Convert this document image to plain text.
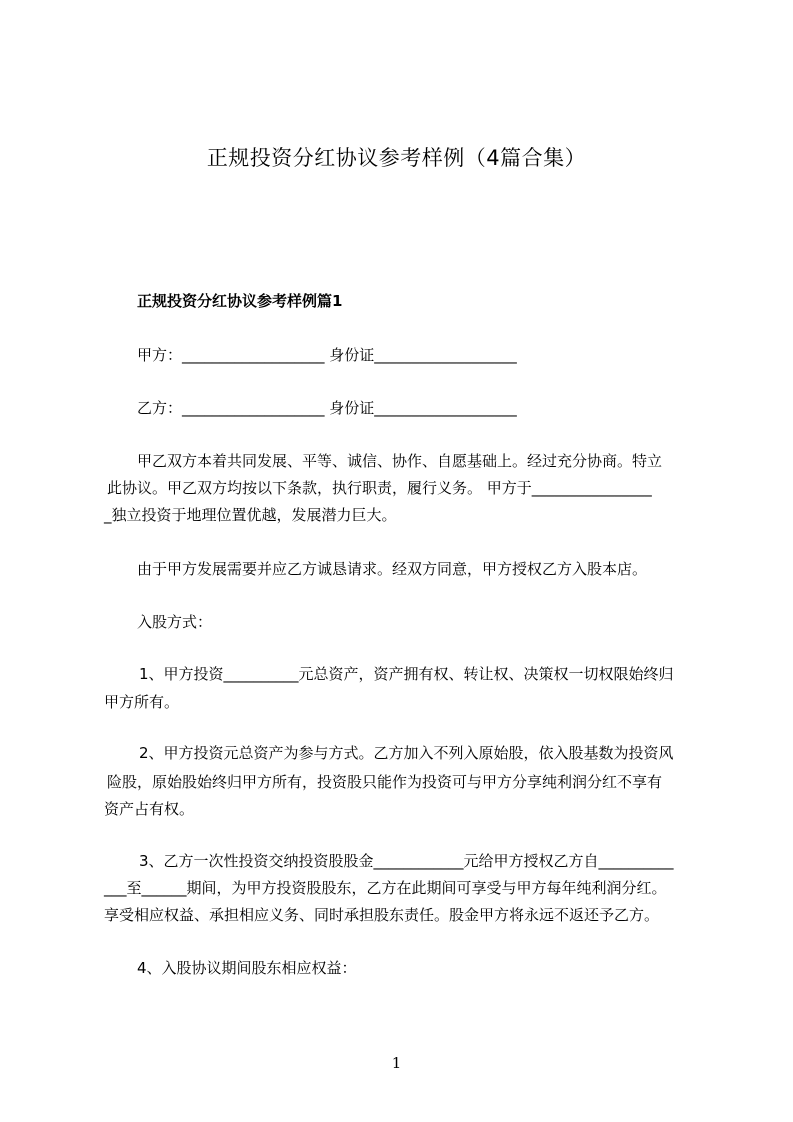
正规投资分红协议参考样例（4篇合集）
正规投资分红协议参考样例篇1
甲方：___________________ 身份证___________________
乙方：___________________ 身份证___________________
甲乙双方本着共同发展、平等、诚信、协作、自愿基础上。经过充分协商。特立
此协议。甲乙双方均按以下条款，执行职责，履行义务。 甲方于________________
_独立投资于地理位置优越，发展潜力巨大。
由于甲方发展需要并应乙方诚恳请求。经双方同意，甲方授权乙方入股本店。
入股方式：
1、甲方投资__________元总资产，资产拥有权、转让权、决策权一切权限始终归
甲方所有。
2、甲方投资元总资产为参与方式。乙方加入不列入原始股，依入股基数为投资风
险股，原始股始终归甲方所有，投资股只能作为投资可与甲方分享纯利润分红不享有
资产占有权。
3、乙方一次性投资交纳投资股股金____________元给甲方授权乙方自__________
___至______期间，为甲方投资股股东，乙方在此期间可享受与甲方每年纯利润分红。
享受相应权益、承担相应义务、同时承担股东责任。股金甲方将永远不返还予乙方。
4、入股协议期间股东相应权益：
1
